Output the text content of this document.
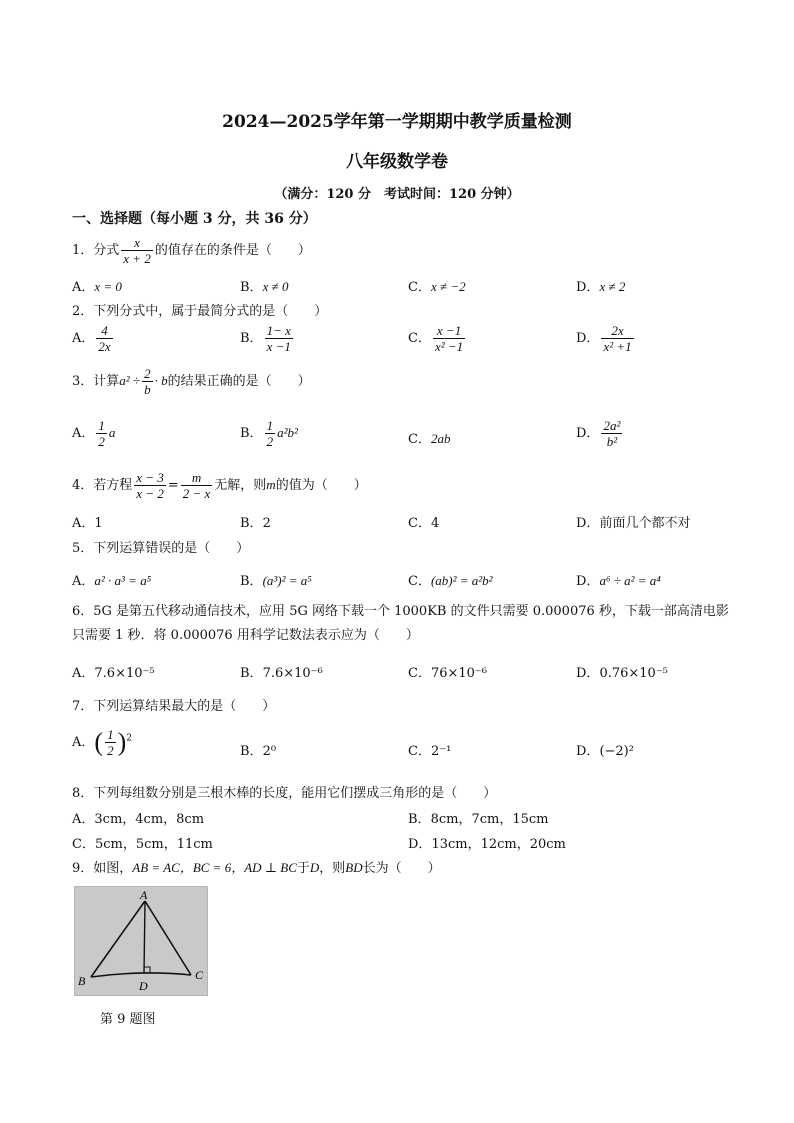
2024—2025学年第一学期期中教学质量检测
八年级数学卷
（满分：120 分　考试时间：120 分钟）
一、选择题（每小题 3 分，共 36 分）
1．分式 $\frac{x}{x + 2}$ 的值存在的条件是（　　）
A．x = 0	B．x ≠ 0	C．x ≠ −2	D．x ≠ 2
2．下列分式中，属于最简分式的是（　　）
A． $\frac{4}{2x}$	B． $\frac{1- x}{x -1}$	C． $\frac{x -1}{\text{x² −1}}$	D． $\frac{2x}{\text{x² +1}}$
3．计算$a^2 \div \frac{2}{b} \cdot b$的结果正确的是（　　）
A． $\frac{1}{2}$ a	B． $\frac{1}{2} a^2b^2$	C．2ab	D． $\frac{\text{2a²}}{\text{b²}}$
4．若方程 $\frac{x - 3}{x - 2} = \frac{m}{2 - x}$ 无解，则m的值为（　　）
A．1	B．2	C．4	D．前面几个都不对
5．下列运算错误的是（　　）
A．a² · a³ = a⁵	B．(a³)² = a⁵	C．(ab)² = a²b²	D．a⁶ ÷ a² = a⁴
6．5G 是第五代移动通信技术，应用 5G 网络下载一个 1000KB 的文件只需要 0.000076 秒，下载一部高清电影只需要 1 秒．将 0.000076 用科学记数法表示应为（　　）
A．7.6×10⁻⁵	B．7.6×10⁻⁶	C．76×10⁻⁶	D．0.76×10⁻⁵
7．下列运算结果最大的是（　　）
A．( $\frac{1}{2} )^2$
B．2⁰	C．2⁻¹	D．(−2)²
8．下列每组数分别是三根木棒的长度，能用它们摆成三角形的是（　　）
A．3cm，4cm，8cm	B．8cm，7cm，15cm
C．5cm，5cm，11cm	D．13cm，12cm，20cm
9．如图，AB = AC，BC = 6，AD ⊥ BC于D，则BD长为（　　）
A
B	C
D
第 9 题图
